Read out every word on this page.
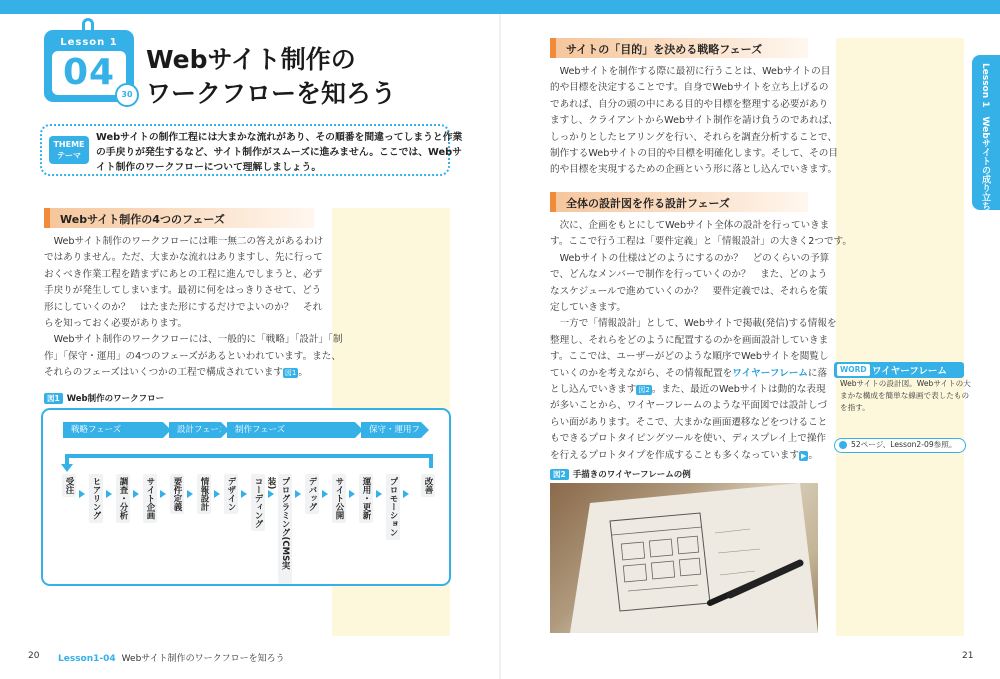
Lesson 1
04
30
Webサイト制作の
ワークフローを知ろう
THEME
テーマ
Webサイトの制作工程には大まかな流れがあり、その順番を間違ってしまうと作業
の手戻りが発生するなど、サイト制作がスムーズに進みません。ここでは、Webサ
イト制作のワークフローについて理解しましょう。
Webサイト制作の4つのフェーズ

　Webサイト制作のワークフローには唯一無二の答えがあるわけ

ではありません。ただ、大まかな流れはありますし、先に行って

おくべき作業工程を踏まずにあとの工程に進んでしまうと、必ず

手戻りが発生してしまいます。最初に何をはっきりさせて、どう

形にしていくのか？　はたまた形にするだけでよいのか？　それ

らを知っておく必要があります。

　Webサイト制作のワークフローには、一般的に「戦略」「設計」「制

作」「保守・運用」の4つのフェーズがあるといわれています。また、

それらのフェーズはいくつかの工程で構成されています 図1 。

図1 Web制作のワークフロー
戦略フェーズ	設計フェーズ 制作フェーズ	保守・運用フェーズ
受注 ヒアリング 調査・分析 サイト企画 要件定義 情報設計 デザイン コーディング プログラミング(CMS実装)	デバッグ サイト公開 運用・更新 プロモーション	改善
サイトの「目的」を決める戦略フェーズ

　Webサイトを制作する際に最初に行うことは、Webサイトの目

的や目標を決定することです。自身でWebサイトを立ち上げるの

であれば、自分の頭の中にある目的や目標を整理する必要があり

ますし、クライアントからWebサイト制作を請け負うのであれば、

しっかりとしたヒアリングを行い、それらを調査分析することで、

制作するWebサイトの目的や目標を明確化します。そして、その目

的や目標を実現するための企画という形に落とし込んでいきます。

全体の設計図を作る設計フェーズ

　次に、企画をもとにしてWebサイト全体の設計を行っていきま

す。ここで行う工程は「要件定義」と「情報設計」の大きく2つです。

　Webサイトの仕様はどのようにするのか？　どのくらいの予算

で、どんなメンバーで制作を行っていくのか？　また、どのよう

なスケジュールで進めていくのか？　要件定義では、それらを策

定していきます。

　一方で「情報設計」として、Webサイトで掲載(発信)する情報を

整理し、それらをどのように配置するのかを画面設計していきま

す。ここでは、ユーザーがどのような順序でWebサイトを閲覧し

ていくのかを考えながら、その情報配置をワイヤーフレームに落

とし込んでいきます 図2 。また、最近のWebサイトは動的な表現

が多いことから、ワイヤーフレームのような平面図では設計しづ

らい面があります。そこで、大まかな画面遷移などをつけること

もできるプロトタイピングツールを使い、ディスプレイ上で操作

を行えるプロトタイプを作成することも多くなっています ▶ 。

図2 手描きのワイヤーフレームの例
WORD ワイヤーフレーム
Webサイトの設計図。Webサイトの大
まかな構成を簡単な線画で表したもの
を指す。
52ページ、Lesson2-09参照。
Lesson 1　Webサイトの成り立ち
20 Lesson1-04 Webサイト制作のワークフローを知ろう	21
